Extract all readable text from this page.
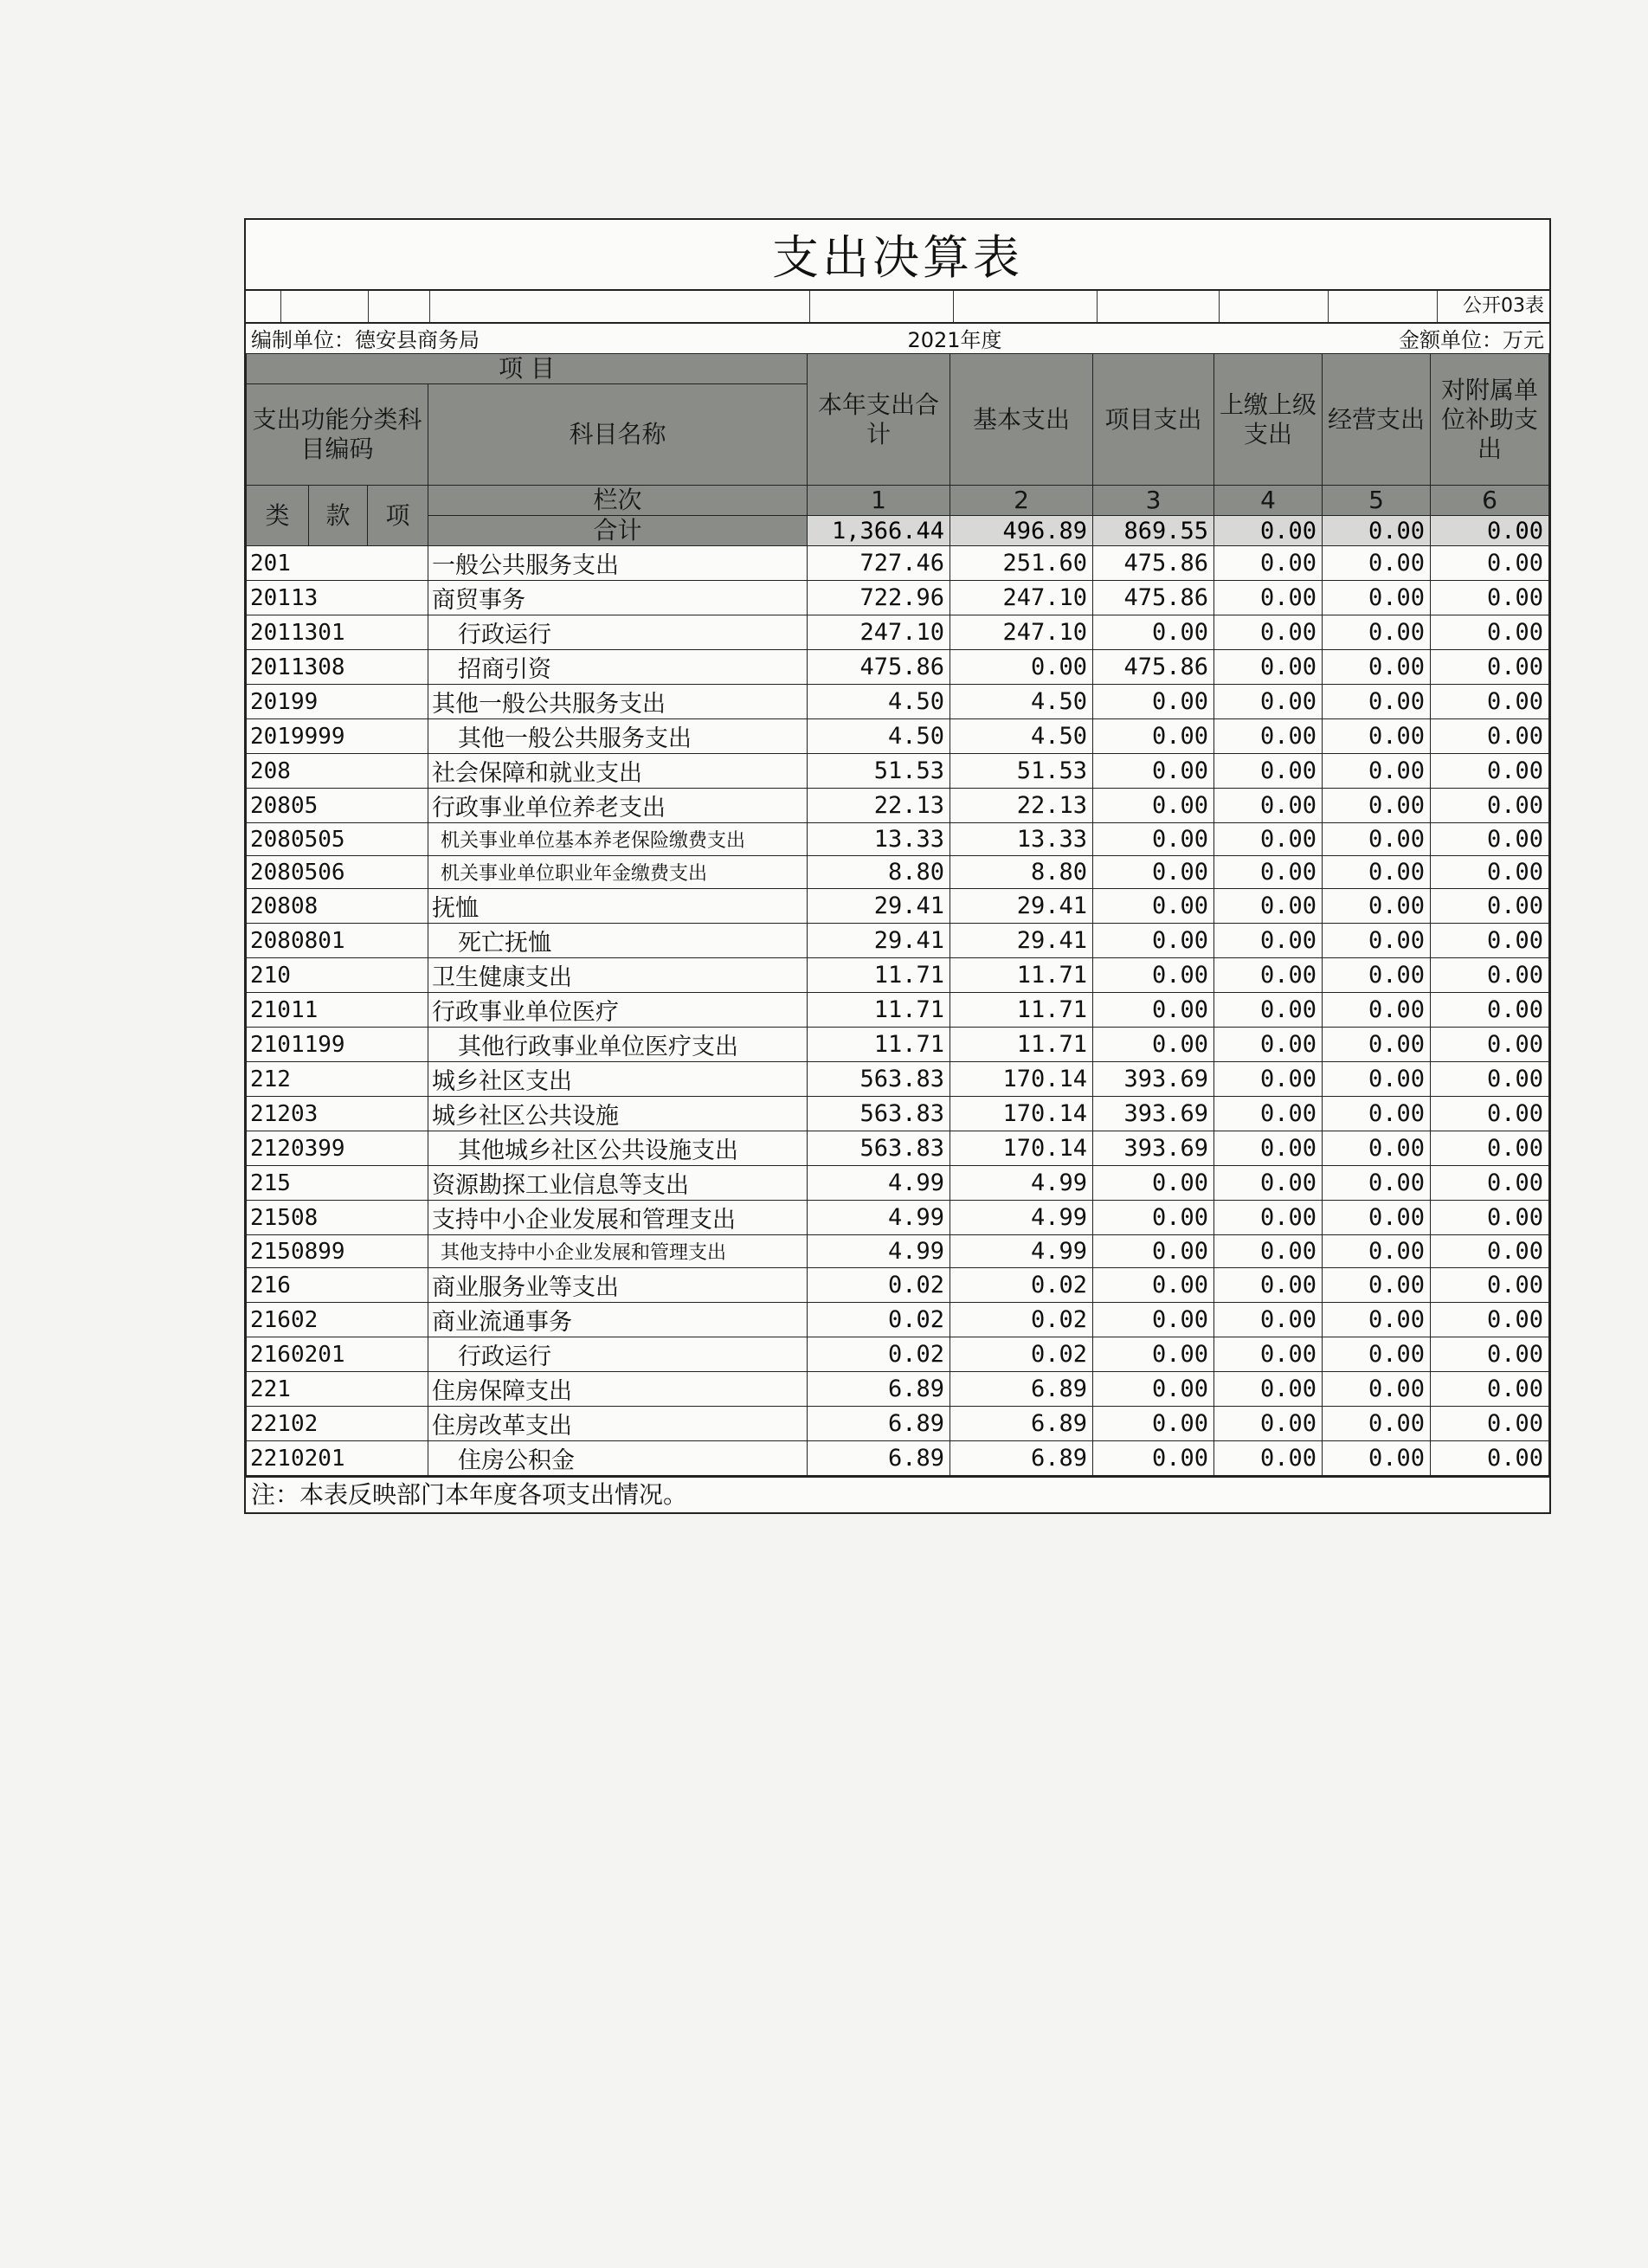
支出决算表
公开03表
编制单位：德安县商务局	2021年度	金额单位：万元
项 目				本年支出合计	基本支出	项目支出	上缴上级支出	经营支出	对附属单位补助支出
支出功能分类科目编码			科目名称						

类	款	项	栏次	1	2	3	4	5	6
			合计	1,366.44	496.89	869.55	0.00	0.00	0.00
201			一般公共服务支出	727.46	251.60	475.86	0.00	0.00	0.00
20113			商贸事务	722.96	247.10	475.86	0.00	0.00	0.00
2011301			行政运行	247.10	247.10	0.00	0.00	0.00	0.00
2011308			招商引资	475.86	0.00	475.86	0.00	0.00	0.00
20199			其他一般公共服务支出	4.50	4.50	0.00	0.00	0.00	0.00
2019999			其他一般公共服务支出	4.50	4.50	0.00	0.00	0.00	0.00
208			社会保障和就业支出	51.53	51.53	0.00	0.00	0.00	0.00
20805			行政事业单位养老支出	22.13	22.13	0.00	0.00	0.00	0.00
2080505			机关事业单位基本养老保险缴费支出	13.33	13.33	0.00	0.00	0.00	0.00
2080506			机关事业单位职业年金缴费支出	8.80	8.80	0.00	0.00	0.00	0.00
20808			抚恤	29.41	29.41	0.00	0.00	0.00	0.00
2080801			死亡抚恤	29.41	29.41	0.00	0.00	0.00	0.00
210			卫生健康支出	11.71	11.71	0.00	0.00	0.00	0.00
21011			行政事业单位医疗	11.71	11.71	0.00	0.00	0.00	0.00
2101199			其他行政事业单位医疗支出	11.71	11.71	0.00	0.00	0.00	0.00
212			城乡社区支出	563.83	170.14	393.69	0.00	0.00	0.00
21203			城乡社区公共设施	563.83	170.14	393.69	0.00	0.00	0.00
2120399			其他城乡社区公共设施支出	563.83	170.14	393.69	0.00	0.00	0.00
215			资源勘探工业信息等支出	4.99	4.99	0.00	0.00	0.00	0.00
21508			支持中小企业发展和管理支出	4.99	4.99	0.00	0.00	0.00	0.00
2150899			其他支持中小企业发展和管理支出	4.99	4.99	0.00	0.00	0.00	0.00
216			商业服务业等支出	0.02	0.02	0.00	0.00	0.00	0.00
21602			商业流通事务	0.02	0.02	0.00	0.00	0.00	0.00
2160201			行政运行	0.02	0.02	0.00	0.00	0.00	0.00
221			住房保障支出	6.89	6.89	0.00	0.00	0.00	0.00
22102			住房改革支出	6.89	6.89	0.00	0.00	0.00	0.00
2210201			住房公积金	6.89	6.89	0.00	0.00	0.00	0.00
注：本表反映部门本年度各项支出情况。
